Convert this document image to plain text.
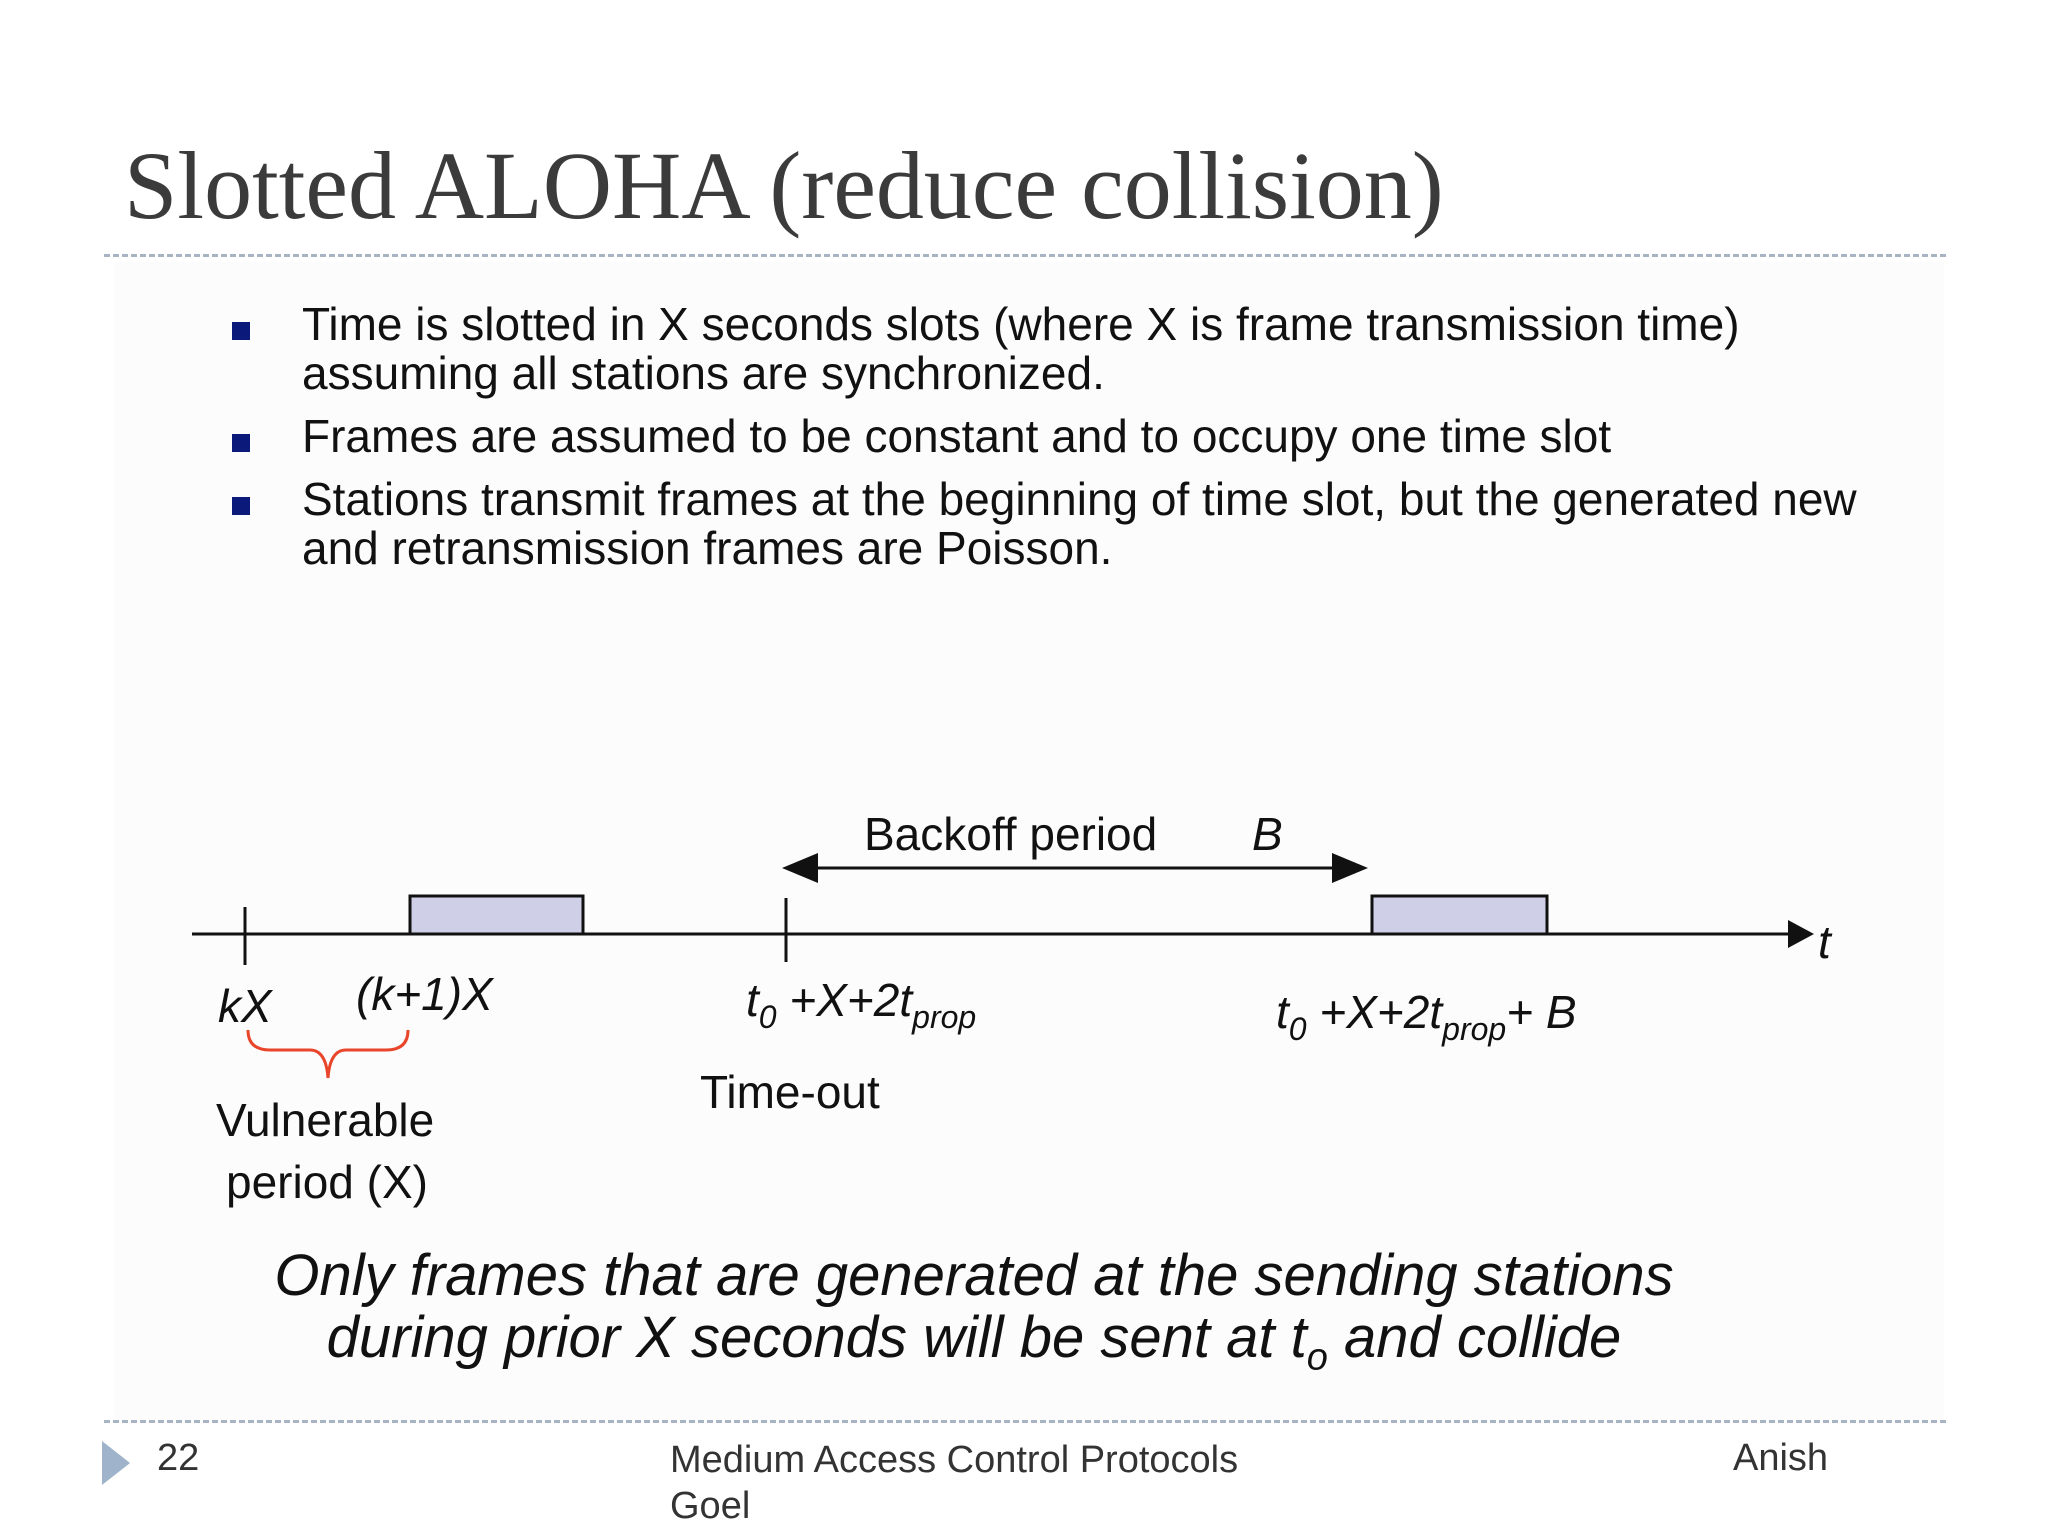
Slotted ALOHA (reduce collision)
Time is slotted in X seconds slots (where X is frame transmission time) assuming all stations are synchronized.
Frames are assumed to be constant and to occupy one time slot
Stations transmit frames at the beginning of time slot, but the generated new and retransmission frames are Poisson.
t
Backoff period B
kX (k+1)X	$t_0 +X+2t_{prop}$	$t_0 +X+2t_{prop}+ B$
Time-out
Vulnerable
period (X)
Only frames that are generated at the sending stations
during prior X seconds will be sent at $t_o$ and collide
22	Medium Access Control Protocols Goel
Anish
